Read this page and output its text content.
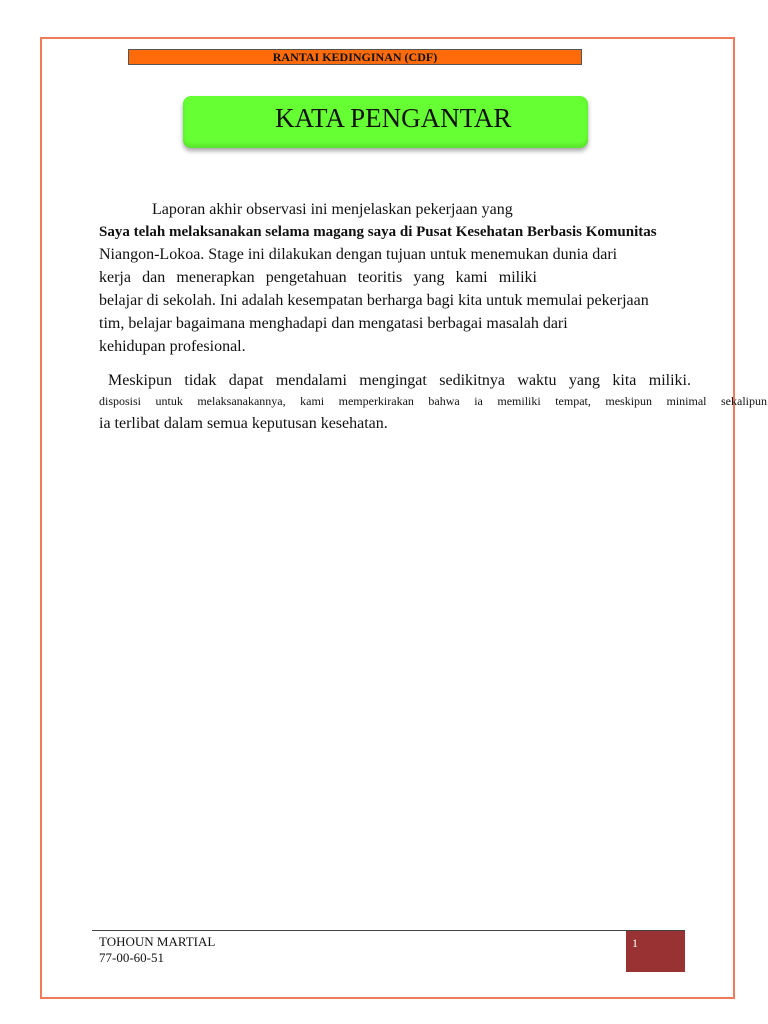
RANTAI KEDINGINAN (CDF)
KATA PENGANTAR
Laporan akhir observasi ini menjelaskan pekerjaan yang
Saya telah melaksanakan selama magang saya di Pusat Kesehatan Berbasis Komunitas
Niangon-Lokoa. Stage ini dilakukan dengan tujuan untuk menemukan dunia dari
kerja dan menerapkan pengetahuan teoritis yang kami miliki
belajar di sekolah. Ini adalah kesempatan berharga bagi kita untuk memulai pekerjaan
tim, belajar bagaimana menghadapi dan mengatasi berbagai masalah dari
kehidupan profesional.
Meskipun tidak dapat mendalami mengingat sedikitnya waktu yang kita miliki.
disposisi untuk melaksanakannya, kami memperkirakan bahwa ia memiliki tempat, meskipun minimal sekalipun
ia terlibat dalam semua keputusan kesehatan.
TOHOUN MARTIAL
77-00-60-51
1
